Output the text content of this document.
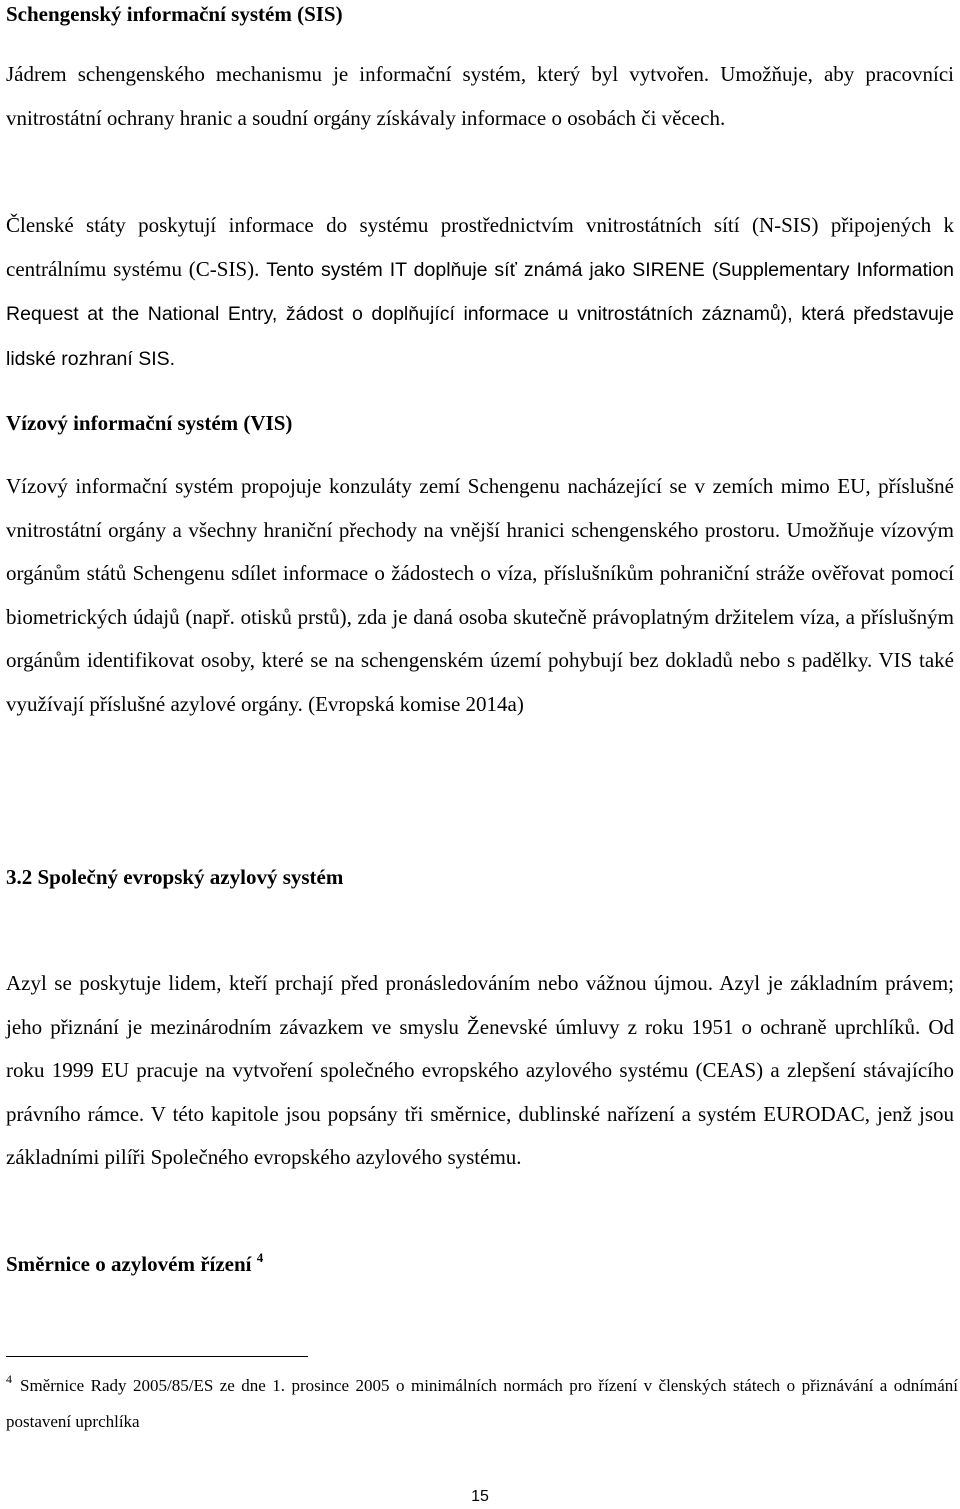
Schengenský informační systém (SIS)
Jádrem schengenského mechanismu je informační systém, který byl vytvořen. Umožňuje, aby pracovníci vnitrostátní ochrany hranic a soudní orgány získávaly informace o osobách či věcech.
Členské státy poskytují informace do systému prostřednictvím vnitrostátních sítí (N-SIS) připojených k centrálnímu systému (C-SIS). Tento systém IT doplňuje síť známá jako SIRENE (Supplementary Information Request at the National Entry, žádost o doplňující informace u vnitrostátních záznamů), která představuje lidské rozhraní SIS.
Vízový informační systém (VIS)
Vízový informační systém propojuje konzuláty zemí Schengenu nacházející se v zemích mimo EU, příslušné vnitrostátní orgány a všechny hraniční přechody na vnější hranici schengenského prostoru. Umožňuje vízovým orgánům států Schengenu sdílet informace o žádostech o víza, příslušníkům pohraniční stráže ověřovat pomocí biometrických údajů (např. otisků prstů), zda je daná osoba skutečně právoplatným držitelem víza, a příslušným orgánům identifikovat osoby, které se na schengenském území pohybují bez dokladů nebo s padělky. VIS také využívají příslušné azylové orgány. (Evropská komise 2014a)
3.2 Společný evropský azylový systém
Azyl se poskytuje lidem, kteří prchají před pronásledováním nebo vážnou újmou. Azyl je základním právem; jeho přiznání je mezinárodním závazkem ve smyslu Ženevské úmluvy z roku 1951 o ochraně uprchlíků. Od roku 1999 EU pracuje na vytvoření společného evropského azylového systému (CEAS) a zlepšení stávajícího právního rámce. V této kapitole jsou popsány tři směrnice, dublinské nařízení a systém EURODAC, jenž jsou základními pilíři Společného evropského azylového systému.
Směrnice o azylovém řízení $^4$
$^4$ Směrnice Rady 2005/85/ES ze dne 1. prosince 2005 o minimálních normách pro řízení v členských státech o přiznávání a odnímání postavení uprchlíka
15
